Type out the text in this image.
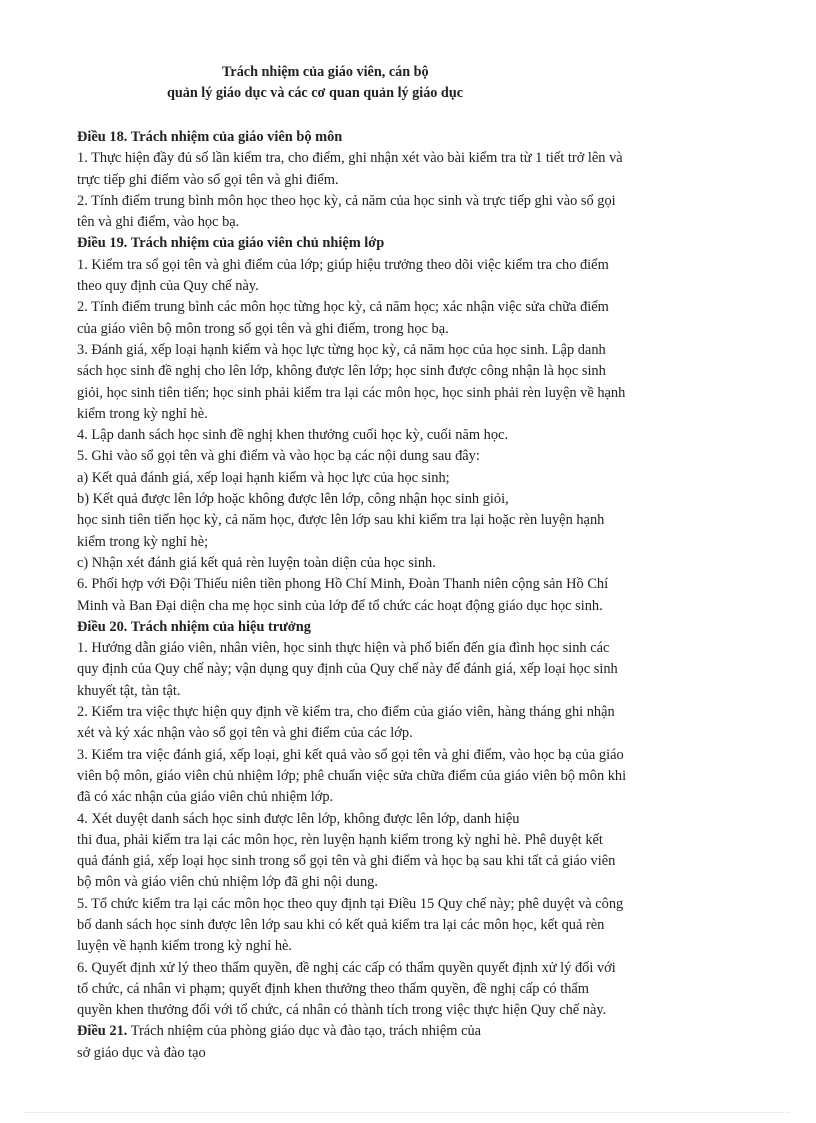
Trách nhiệm của giáo viên, cán bộ
quản lý giáo dục và các cơ quan quản lý giáo dục
Điều 18. Trách nhiệm của giáo viên bộ môn
1. Thực hiện đầy đủ số lần kiểm tra, cho điểm, ghi nhận xét vào bài kiểm tra từ 1 tiết trở lên và
trực tiếp ghi điểm vào sổ gọi tên và ghi điểm.
2. Tính điểm trung bình môn học theo học kỳ, cả năm của học sinh và trực tiếp ghi vào sổ gọi
tên và ghi điểm, vào học bạ.
Điều 19. Trách nhiệm của giáo viên chủ nhiệm lớp
1. Kiểm tra sổ gọi tên và ghi điểm của lớp; giúp hiệu trưởng theo dõi việc kiểm tra cho điểm
theo quy định của Quy chế này.
2. Tính điểm trung bình các môn học từng học kỳ, cả năm học; xác nhận việc sửa chữa điểm
của giáo viên bộ môn trong sổ gọi tên và ghi điểm, trong học bạ.
3. Đánh giá, xếp loại hạnh kiểm và học lực từng học kỳ, cả năm học của học sinh. Lập danh
sách học sinh đề nghị cho lên lớp, không được lên lớp; học sinh được công nhận là học sinh
giỏi, học sinh tiên tiến; học sinh phải kiểm tra lại các môn học, học sinh phải rèn luyện về hạnh
kiểm trong kỳ nghỉ hè.
4. Lập danh sách học sinh đề nghị khen thưởng cuối học kỳ, cuối năm học.
5. Ghi vào sổ gọi tên và ghi điểm và vào học bạ các nội dung sau đây:
a) Kết quả đánh giá, xếp loại hạnh kiểm và học lực của học sinh;
b) Kết quả được lên lớp hoặc không được lên lớp, công nhận học sinh giỏi,
học sinh tiên tiến học kỳ, cả năm học, được lên lớp sau khi kiểm tra lại hoặc rèn luyện hạnh
kiểm trong kỳ nghỉ hè;
c) Nhận xét đánh giá kết quả rèn luyện toàn diện của học sinh.
6. Phối hợp với Đội Thiếu niên tiền phong Hồ Chí Minh, Đoàn Thanh niên cộng sản Hồ Chí
Minh và Ban Đại diện cha mẹ học sinh của lớp để tổ chức các hoạt động giáo dục học sinh.
Điều 20. Trách nhiệm của hiệu trưởng
1. Hướng dẫn giáo viên, nhân viên, học sinh thực hiện và phổ biến đến gia đình học sinh các
quy định của Quy chế này; vận dụng quy định của Quy chế này để đánh giá, xếp loại học sinh
khuyết tật, tàn tật.
2. Kiểm tra việc thực hiện quy định về kiểm tra, cho điểm của giáo viên, hàng tháng ghi nhận
xét và ký xác nhận vào sổ gọi tên và ghi điểm của các lớp.
3. Kiểm tra việc đánh giá, xếp loại, ghi kết quả vào sổ gọi tên và ghi điểm, vào học bạ của giáo
viên bộ môn, giáo viên chủ nhiệm lớp; phê chuẩn việc sửa chữa điểm của giáo viên bộ môn khi
đã có xác nhận của giáo viên chủ nhiệm lớp.
4. Xét duyệt danh sách học sinh được lên lớp, không được lên lớp, danh hiệu
thi đua, phải kiểm tra lại các môn học, rèn luyện hạnh kiểm trong kỳ nghỉ hè. Phê duyệt kết
quả đánh giá, xếp loại học sinh trong sổ gọi tên và ghi điểm và học bạ sau khi tất cả giáo viên
bộ môn và giáo viên chủ nhiệm lớp đã ghi nội dung.
5. Tổ chức kiểm tra lại các môn học theo quy định tại Điều 15 Quy chế này; phê duyệt và công
bố danh sách học sinh được lên lớp sau khi có kết quả kiểm tra lại các môn học, kết quả rèn
luyện về hạnh kiểm trong kỳ nghỉ hè.
6. Quyết định xử lý theo thẩm quyền, đề nghị các cấp có thẩm quyền quyết định xử lý đối với
tổ chức, cá nhân vi phạm; quyết định khen thưởng theo thẩm quyền, đề nghị cấp có thẩm
quyền khen thưởng đối với tổ chức, cá nhân có thành tích trong việc thực hiện Quy chế này.
Điều 21. Trách nhiệm của phòng giáo dục và đào tạo, trách nhiệm của
sở giáo dục và đào tạo
